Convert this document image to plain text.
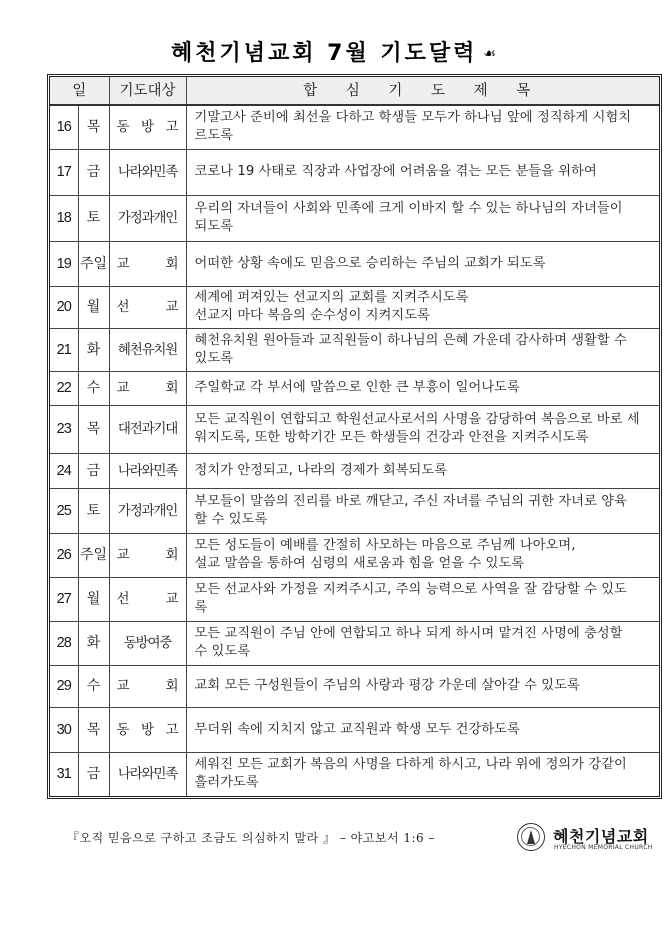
혜천기념교회 7월 기도달력 ☙
일		기도대상	합 심 기 도 제 목
16	목	동 방 고	기말고사 준비에 최선을 다하고 학생들 모두가 하나님 앞에 정직하게 시험치
르도록

17	금	나라와민족	코로나 19 사태로 직장과 사업장에 어려움을 겪는 모든 분들을 위하여

18	토	가정과개인	우리의 자녀들이 사회와 민족에 크게 이바지 할 수 있는 하나님의 자녀들이
되도록

19	주일	교 회	어떠한 상황 속에도 믿음으로 승리하는 주님의 교회가 되도록

20	월	선 교	세계에 퍼져있는 선교지의 교회를 지켜주시도록
선교지 마다 복음의 순수성이 지켜지도록

21	화	혜천유치원	혜천유치원 원아들과 교직원들이 하나님의 은혜 가운데 감사하며 생활할 수
있도록

22	수	교 회	주일학교 각 부서에 말씀으로 인한 큰 부흥이 일어나도록

23	목	대전과기대	모든 교직원이 연합되고 학원선교사로서의 사명을 감당하여 복음으로 바로 세
워지도록, 또한 방학기간 모든 학생들의 건강과 안전을 지켜주시도록

24	금	나라와민족	정치가 안정되고, 나라의 경제가 회복되도록

25	토	가정과개인	부모들이 말씀의 진리를 바로 깨닫고, 주신 자녀를 주님의 귀한 자녀로 양육
할 수 있도록

26	주일	교 회	모든 성도들이 예배를 간절히 사모하는 마음으로 주님께 나아오며,
설교 말씀을 통하여 심령의 새로움과 힘을 얻을 수 있도록

27	월	선 교	모든 선교사와 가정을 지켜주시고, 주의 능력으로 사역을 잘 감당할 수 있도
록

28	화	동방여중	모든 교직원이 주님 안에 연합되고 하나 되게 하시며 맡겨진 사명에 충성할
수 있도록

29	수	교 회	교회 모든 구성원들이 주님의 사랑과 평강 가운데 살아갈 수 있도록

30	목	동 방 고	무더위 속에 지치지 않고 교직원과 학생 모두 건강하도록

31	금	나라와민족	세워진 모든 교회가 복음의 사명을 다하게 하시고, 나라 위에 정의가 강같이
흘러가도록
『오직 믿음으로 구하고 조금도 의심하지 말라 』 – 야고보서 1:6 –	혜천기념교회
HYECHON MEMORIAL CHURCH
